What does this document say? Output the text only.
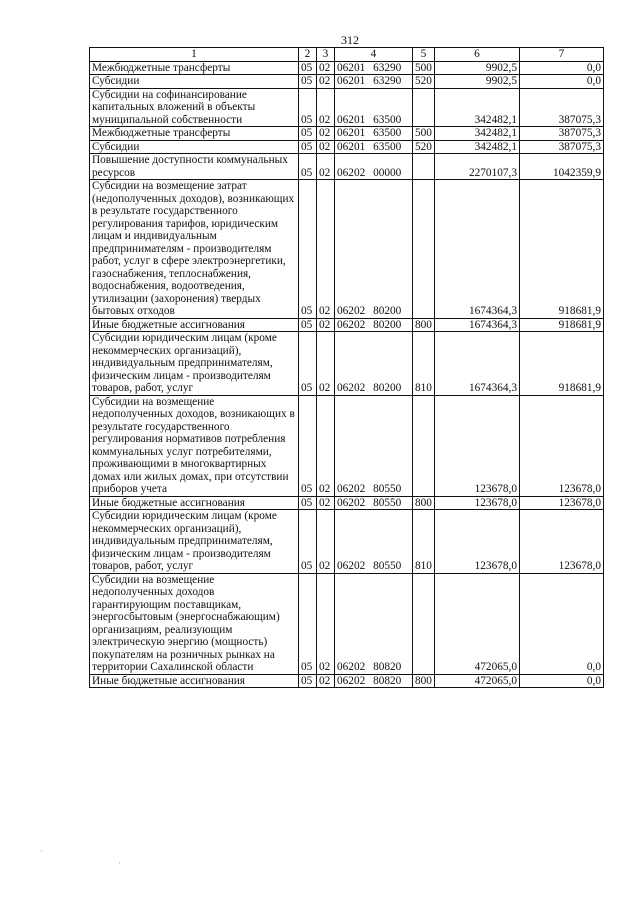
312
1	2	3	4	5	6	7
Межбюджетные трансферты	05	02	06201 63290	500	9902,5	0,0
Субсидии	05	02	06201 63290	520	9902,5	0,0
Субсидии на софинансирование капитальных вложений в объекты муниципальной собственности	05	02	06201 63500		342482,1	387075,3
Межбюджетные трансферты	05	02	06201 63500	500	342482,1	387075,3
Субсидии	05	02	06201 63500	520	342482,1	387075,3
Повышение доступности коммунальных ресурсов	05	02	06202 00000		2270107,3	1042359,9
Субсидии на возмещение затрат (недополученных доходов), возникающих в результате государственного регулирования тарифов, юридическим лицам и индивидуальным предпринимателям - производителям работ, услуг в сфере электроэнергетики, газоснабжения, теплоснабжения, водоснабжения, водоотведения, утилизации (захоронения) твердых бытовых отходов	05	02	06202 80200		1674364,3	918681,9
Иные бюджетные ассигнования	05	02	06202 80200	800	1674364,3	918681,9
Субсидии юридическим лицам (кроме некоммерческих организаций), индивидуальным предпринимателям, физическим лицам - производителям товаров, работ, услуг	05	02	06202 80200	810	1674364,3	918681,9
Субсидии на возмещение недополученных доходов, возникающих в результате государственного регулирования нормативов потребления коммунальных услуг потребителями, проживающими в многоквартирных домах или жилых домах, при отсутствии приборов учета	05	02	06202 80550		123678,0	123678,0
Иные бюджетные ассигнования	05	02	06202 80550	800	123678,0	123678,0
Субсидии юридическим лицам (кроме некоммерческих организаций), индивидуальным предпринимателям, физическим лицам - производителям товаров, работ, услуг	05	02	06202 80550	810	123678,0	123678,0
Субсидии на возмещение недополученных доходов гарантирующим поставщикам, энергосбытовым (энергоснабжающим) организациям, реализующим электрическую энергию (мощность) покупателям на розничных рынках на территории Сахалинской области	05	02	06202 80820		472065,0	0,0
Иные бюджетные ассигнования	05	02	06202 80820	800	472065,0	0,0
·
·
